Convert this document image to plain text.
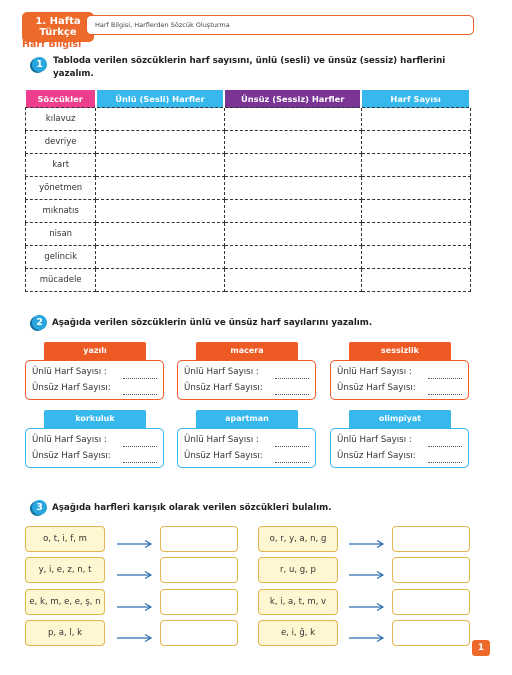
1. Hafta
Türkçe
Harf Bilgisi
Harf Bilgisi, Harflerden Sözcük Oluşturma
1	Tabloda verilen sözcüklerin harf sayısını, ünlü (sesli) ve ünsüz (sessiz) harflerini yazalım.
Sözcükler	Ünlü (Sesli) Harfler	Ünsüz (Sessiz) Harfler	Harf Sayısı
kılavuz			
devriye			
kart			
yönetmen			
mıknatıs			
nisan			
gelincik			
mücadele			
2	Aşağıda verilen sözcüklerin ünlü ve ünsüz harf sayılarını yazalım.
yazılı
Ünlü Harf Sayısı :
Ünsüz Harf Sayısı:
macera
Ünlü Harf Sayısı :
Ünsüz Harf Sayısı:
sessizlik
Ünlü Harf Sayısı :
Ünsüz Harf Sayısı:
korkuluk
Ünlü Harf Sayısı :
Ünsüz Harf Sayısı:
apartman
Ünlü Harf Sayısı :
Ünsüz Harf Sayısı:
olimpiyat
Ünlü Harf Sayısı :
Ünsüz Harf Sayısı:
3	Aşağıda harfleri karışık olarak verilen sözcükleri bulalım.
o, t, i, f, m
y, i, e, z, n, t
e, k, m, e, e, ş, n
p, a, l, k
o, r, y, a, n, g
r, u, g, p
k, i, a, t, m, v
e, i, ğ, k
1
